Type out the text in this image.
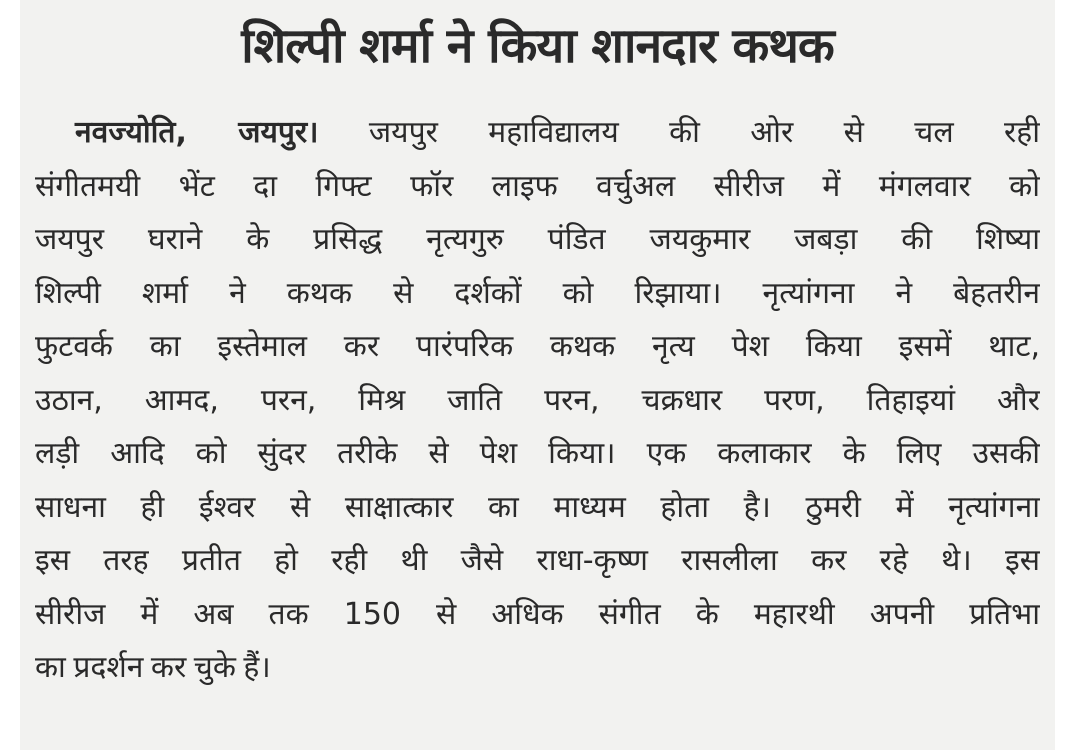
शिल्पी शर्मा ने किया शानदार कथक
नवज्योति, जयपुर। जयपुर महाविद्यालय की ओर से चल रही
संगीतमयी भेंट दा गिफ्ट फॉर लाइफ वर्चुअल सीरीज में मंगलवार को
जयपुर घराने के प्रसिद्ध नृत्यगुरु पंडित जयकुमार जबड़ा की शिष्या
शिल्पी शर्मा ने कथक से दर्शकों को रिझाया। नृत्यांगना ने बेहतरीन
फुटवर्क का इस्तेमाल कर पारंपरिक कथक नृत्य पेश किया इसमें थाट,
उठान, आमद, परन, मिश्र जाति परन, चक्रधार परण, तिहाइयां और
लड़ी आदि को सुंदर तरीके से पेश किया। एक कलाकार के लिए उसकी
साधना ही ईश्वर से साक्षात्कार का माध्यम होता है। ठुमरी में नृत्यांगना
इस तरह प्रतीत हो रही थी जैसे राधा-कृष्ण रासलीला कर रहे थे। इस
सीरीज में अब तक 150 से अधिक संगीत के महारथी अपनी प्रतिभा
का प्रदर्शन कर चुके हैं।
